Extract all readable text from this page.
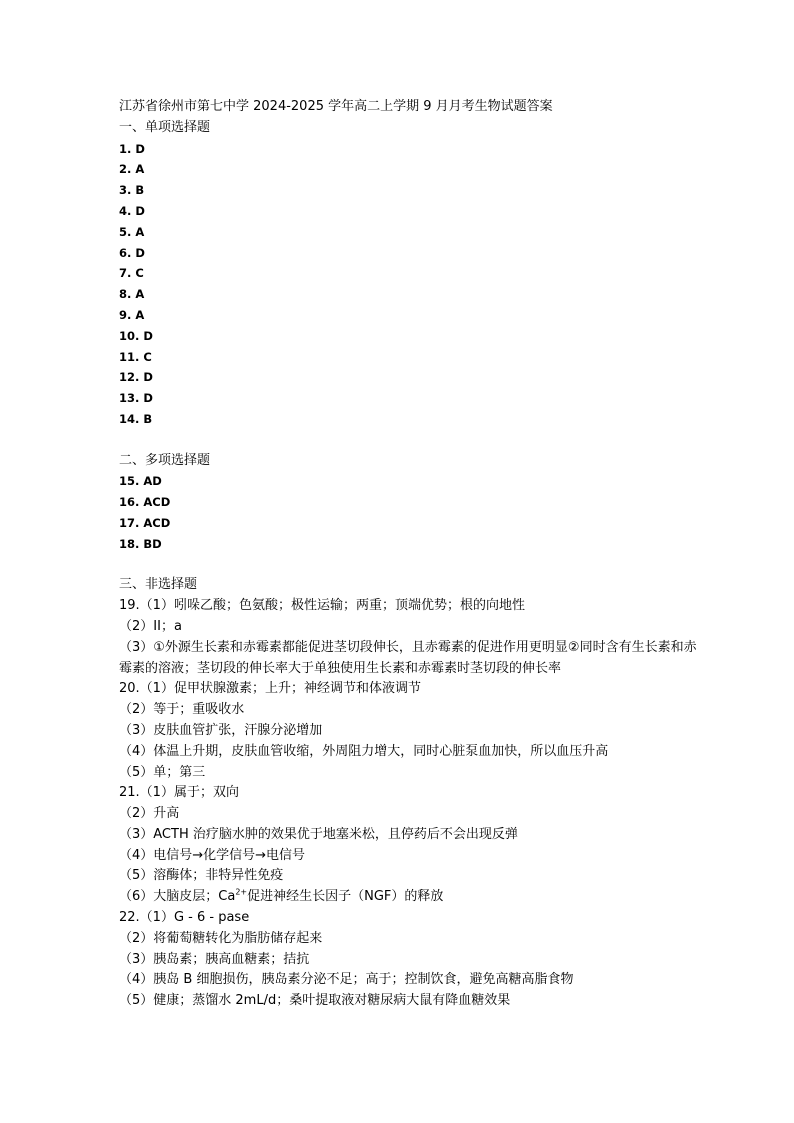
江苏省徐州市第七中学 2024-2025 学年高二上学期 9 月月考生物试题答案
一、单项选择题
1. D
2. A
3. B
4. D
5. A
6. D
7. C
8. A
9. A
10. D
11. C
12. D
13. D
14. B
二、多项选择题
15. AD
16. ACD
17. ACD
18. BD
三、非选择题
19.（1）吲哚乙酸；色氨酸；极性运输；两重；顶端优势；根的向地性
（2）II；a
（3）①外源生长素和赤霉素都能促进茎切段伸长，且赤霉素的促进作用更明显②同时含有生长素和赤霉素的溶液；茎切段的伸长率大于单独使用生长素和赤霉素时茎切段的伸长率
20.（1）促甲状腺激素；上升；神经调节和体液调节
（2）等于；重吸收水
（3）皮肤血管扩张，汗腺分泌增加
（4）体温上升期，皮肤血管收缩，外周阻力增大，同时心脏泵血加快，所以血压升高
（5）单；第三
21.（1）属于；双向
（2）升高
（3）ACTH 治疗脑水肿的效果优于地塞米松，且停药后不会出现反弹
（4）电信号→化学信号→电信号
（5）溶酶体；非特异性免疫
（6）大脑皮层；$Ca^{2+}$促进神经生长因子（NGF）的释放
22.（1）G - 6 - pase
（2）将葡萄糖转化为脂肪储存起来
（3）胰岛素；胰高血糖素；拮抗
（4）胰岛 B 细胞损伤，胰岛素分泌不足；高于；控制饮食，避免高糖高脂食物
（5）健康；蒸馏水 2mL/d；桑叶提取液对糖尿病大鼠有降血糖效果
